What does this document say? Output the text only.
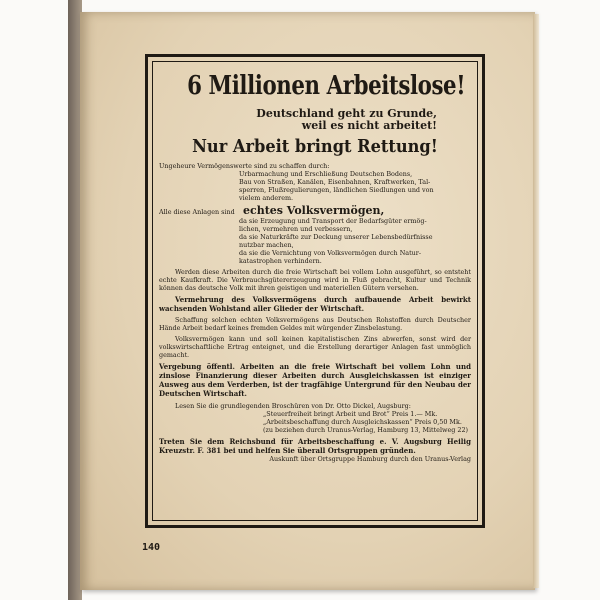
6 Millionen Arbeitslose!
Deutschland geht zu Grunde,
weil es nicht arbeitet!
Nur Arbeit bringt Rettung!

Ungeheure Vermögenswerte sind zu schaffen durch:

Urbarmachung und Erschließung Deutschen Bodens,

Bau von Straßen, Kanälen, Eisenbahnen, Kraftwerken, Tal-

sperren, Flußregulierungen, ländlichen Siedlungen und von

vielem anderem.

Alle diese Anlagen sind echtes Volksvermögen,

da sie Erzeugung und Transport der Bedarfsgüter ermög-

lichen, vermehren und verbessern,

da sie Naturkräfte zur Deckung unserer Lebensbedürfnisse

nutzbar machen,

da sie die Vernichtung von Volksvermögen durch Natur-

katastrophen verhindern.

Werden diese Arbeiten durch die freie Wirtschaft bei vollem Lohn ausgeführt, so entsteht echte Kaufkraft. Die Verbrauchsgütererzeugung wird in Fluß gebracht, Kultur und Technik können das deutsche Volk mit ihren geistigen und materiellen Gütern versehen.

Vermehrung des Volksvermögens durch aufbauende Arbeit bewirkt wachsenden Wohlstand aller Glieder der Wirtschaft.

Schaffung solchen echten Volksvermögens aus Deutschen Rohstoffen durch Deutscher Hände Arbeit bedarf keines fremden Geldes mit würgender Zinsbelastung.

Volksvermögen kann und soll keinen kapitalistischen Zins abwerfen, sonst wird der volkswirtschaftliche Ertrag enteignet, und die Erstellung derartiger Anlagen fast unmöglich gemacht.

Vergebung öffentl. Arbeiten an die freie Wirtschaft bei vollem Lohn und zinslose Finanzierung dieser Arbeiten durch Ausgleichskassen ist einziger Ausweg aus dem Verderben, ist der tragfähige Untergrund für den Neubau der Deutschen Wirtschaft.

Lesen Sie die grundlegenden Broschüren von Dr. Otto Dickel, Augsburg:

„Steuerfreiheit bringt Arbeit und Brot“ Preis 1.— Mk.

„Arbeitsbeschaffung durch Ausgleichskassen“ Preis 0,50 Mk.

(zu beziehen durch Uranus-Verlag, Hamburg 13, Mittelweg 22)

Treten Sie dem Reichsbund für Arbeitsbeschaffung e. V. Augsburg Heilig Kreuzstr. F. 381 bei und helfen Sie überall Ortsgruppen gründen.

Auskunft über Ortsgruppe Hamburg durch den Uranus-Verlag

140
